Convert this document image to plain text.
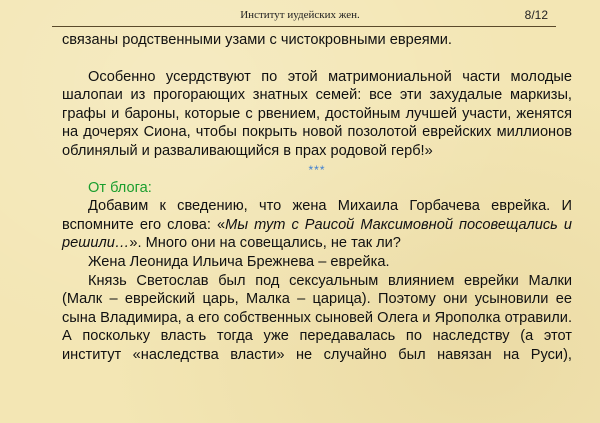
Институт иудейских жен.	8/12

связаны родственными узами с чистокровными евреями.

Особенно усердствуют по этой матримониальной части молодые шалопаи из прогорающих знатных семей: все эти захудалые маркизы, графы и бароны, которые с рвением, достойным лучшей участи, женятся на дочерях Сиона, чтобы покрыть новой позолотой еврейских миллионов облинялый и разваливающийся в прах родовой герб!»

***

От блога:

Добавим к сведению, что жена Михаила Горбачева еврейка. И вспомните его слова: «Мы тут с Раисой Максимовной посовещались и решили…». Много они на совещались, не так ли?

Жена Леонида Ильича Брежнева – еврейка.

Князь Светослав был под сексуальным влиянием еврейки Малки (Малк – еврейский царь, Малка – царица). Поэтому они усыновили ее сына Владимира, а его собственных сыновей Олега и Ярополка отравили. А поскольку власть тогда уже передавалась по наследству (а этот институт «наследства власти» не случайно был навязан на Руси),
